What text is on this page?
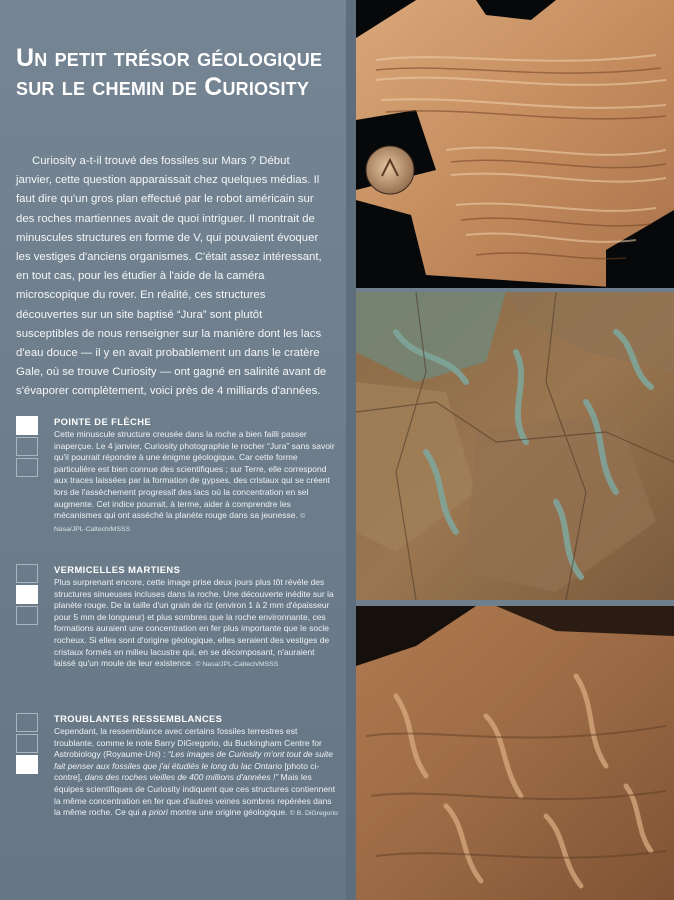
Un petit trésor géologique sur le chemin de Curiosity

Curiosity a-t-il trouvé des fossiles sur Mars ? Début janvier, cette question apparaissait chez quelques médias. Il faut dire qu'un gros plan effectué par le robot américain sur des roches martiennes avait de quoi intriguer. Il montrait de minuscules structures en forme de V, qui pouvaient évoquer les vestiges d'anciens organismes. C'était assez intéressant, en tout cas, pour les étudier à l'aide de la caméra microscopique du rover. En réalité, ces structures découvertes sur un site baptisé “Jura” sont plutôt susceptibles de nous renseigner sur la manière dont les lacs d'eau douce — il y en avait probablement un dans le cratère Gale, où se trouve Curiosity — ont gagné en salinité avant de s'évaporer complètement, voici près de 4 milliards d'années.

POINTE DE FLÈCHE
Cette minuscule structure creusée dans la roche a bien failli passer inaperçue. Le 4 janvier, Curiosity photographie le rocher “Jura” sans savoir qu'il pourrait répondre à une énigme géologique. Car cette forme particulière est bien connue des scientifiques ; sur Terre, elle correspond aux traces laissées par la formation de gypses, des cristaux qui se créent lors de l'assèchement progressif des lacs où la concentration en sel augmente. Cet indice pourrait, à terme, aider à comprendre les mécanismes qui ont asséché la planète rouge dans sa jeunesse. © Nasa/JPL-Caltech/MSSS
VERMICELLES MARTIENS
Plus surprenant encore, cette image prise deux jours plus tôt révèle des structures sinueuses incluses dans la roche. Une découverte inédite sur la planète rouge. De la taille d'un grain de riz (environ 1 à 2 mm d'épaisseur pour 5 mm de longueur) et plus sombres que la roche environnante, ces formations auraient une concentration en fer plus importante que le socle rocheux. Si elles sont d'origine géologique, elles seraient des vestiges de cristaux formés en milieu lacustre qui, en se décomposant, n'auraient laissé qu'un moule de leur existence. © Nasa/JPL-Caltech/MSSS
TROUBLANTES RESSEMBLANCES
Cependant, la ressemblance avec certains fossiles terrestres est troublante, comme le note Barry DiGregorio, du Buckingham Centre for Astrobiology (Royaume-Uni) : “Les images de Curiosity m'ont tout de suite fait penser aux fossiles que j'ai étudiés le long du lac Ontario [photo ci-contre], dans des roches vieilles de 400 millions d'années !” Mais les équipes scientifiques de Curiosity indiquent que ces structures contiennent la même concentration en fer que d'autres veines sombres repérées dans la même roche. Ce qui a priori montre une origine géologique. © B. DiGregorio
